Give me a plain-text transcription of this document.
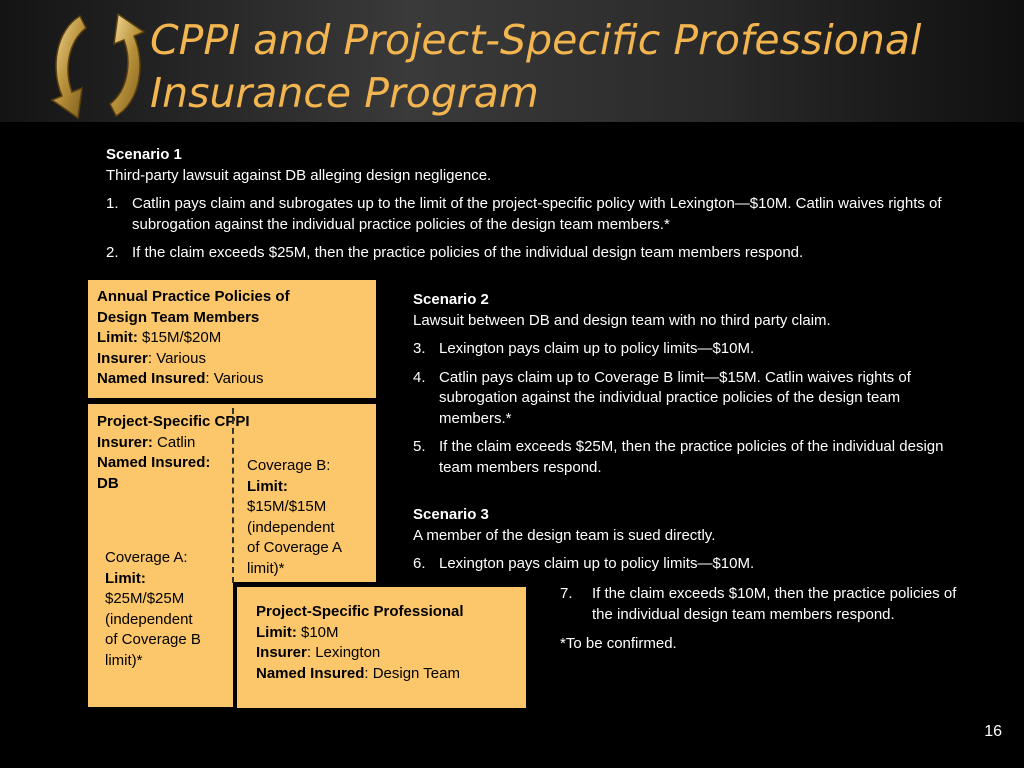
CPPI and Project-Specific Professional
Insurance Program

Scenario 1

Third-party lawsuit against DB alleging design negligence.

1. Catlin pays claim and subrogates up to the limit of the project-specific policy with Lexington—$10M. Catlin waives rights of subrogation against the individual practice policies of the design team members.*
2. If the claim exceeds $25M, then the practice policies of the individual design team members respond.

Scenario 2

Lawsuit between DB and design team with no third party claim.

3. Lexington pays claim up to policy limits—$10M.
4. Catlin pays claim up to Coverage B limit—$15M. Catlin waives rights of subrogation against the individual practice policies of the design team members.*
5. If the claim exceeds $25M, then the practice policies of the individual design team members respond.

Scenario 3

A member of the design team is sued directly.

6. Lexington pays claim up to policy limits—$10M.
7. If the claim exceeds $10M, then the practice policies of the individual design team members respond.

*To be confirmed.

Annual Practice Policies of
Design Team Members
Limit: $15M/$20M
Insurer: Various
Named Insured: Various
Project-Specific CPPI
Insurer: Catlin
Named Insured:
DB
Coverage B:
Limit:
$15M/$15M
(independent
of Coverage A
limit)*
Coverage A:
Limit:
$25M/$25M
(independent
of Coverage B
limit)*
Project-Specific Professional
Limit: $10M
Insurer: Lexington
Named Insured: Design Team
16
